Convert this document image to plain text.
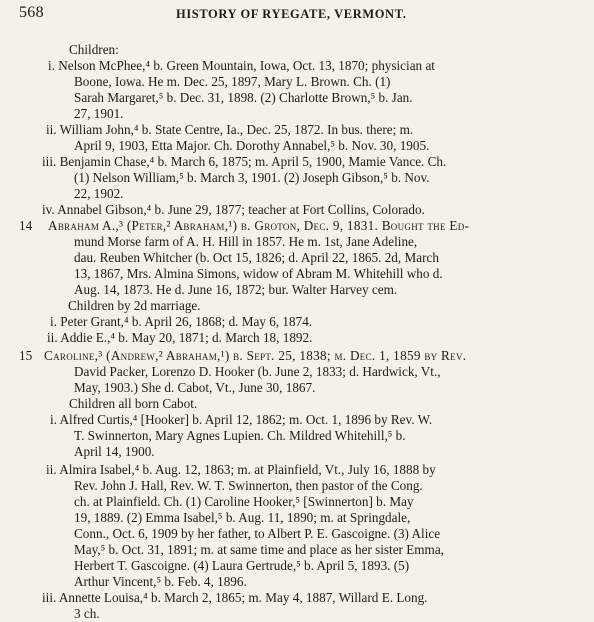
568	HISTORY OF RYEGATE, VERMONT.
Children:
i. Nelson McPhee,⁴ b. Green Mountain, Iowa, Oct. 13, 1870; physician at
Boone, Iowa. He m. Dec. 25, 1897, Mary L. Brown. Ch. (1)
Sarah Margaret,⁵ b. Dec. 31, 1898. (2) Charlotte Brown,⁵ b. Jan.
27, 1901.
ii. William John,⁴ b. State Centre, Ia., Dec. 25, 1872. In bus. there; m.
April 9, 1903, Etta Major. Ch. Dorothy Annabel,⁵ b. Nov. 30, 1905.
iii. Benjamin Chase,⁴ b. March 6, 1875; m. April 5, 1900, Mamie Vance. Ch.
(1) Nelson William,⁵ b. March 3, 1901. (2) Joseph Gibson,⁵ b. Nov.
22, 1902.
iv. Annabel Gibson,⁴ b. June 29, 1877; teacher at Fort Collins, Colorado.
14 Abraham A.,³ (Peter,² Abraham,¹) b. Groton, Dec. 9, 1831. Bought the Ed-
mund Morse farm of A. H. Hill in 1857. He m. 1st, Jane Adeline,
dau. Reuben Whitcher (b. Oct 15, 1826; d. April 22, 1865. 2d, March
13, 1867, Mrs. Almina Simons, widow of Abram M. Whitehill who d.
Aug. 14, 1873. He d. June 16, 1872; bur. Walter Harvey cem.
Children by 2d marriage.
i. Peter Grant,⁴ b. April 26, 1868; d. May 6, 1874.
ii. Addie E.,⁴ b. May 20, 1871; d. March 18, 1892.
15 Caroline,³ (Andrew,² Abraham,¹) b. Sept. 25, 1838; m. Dec. 1, 1859 by Rev.
David Packer, Lorenzo D. Hooker (b. June 2, 1833; d. Hardwick, Vt.,
May, 1903.) She d. Cabot, Vt., June 30, 1867.
Children all born Cabot.
i. Alfred Curtis,⁴ [Hooker] b. April 12, 1862; m. Oct. 1, 1896 by Rev. W.
T. Swinnerton, Mary Agnes Lupien. Ch. Mildred Whitehill,⁵ b.
April 14, 1900.
ii. Almira Isabel,⁴ b. Aug. 12, 1863; m. at Plainfield, Vt., July 16, 1888 by
Rev. John J. Hall, Rev. W. T. Swinnerton, then pastor of the Cong.
ch. at Plainfield. Ch. (1) Caroline Hooker,⁵ [Swinnerton] b. May
19, 1889. (2) Emma Isabel,⁵ b. Aug. 11, 1890; m. at Springdale,
Conn., Oct. 6, 1909 by her father, to Albert P. E. Gascoigne. (3) Alice
May,⁵ b. Oct. 31, 1891; m. at same time and place as her sister Emma,
Herbert T. Gascoigne. (4) Laura Gertrude,⁵ b. April 5, 1893. (5)
Arthur Vincent,⁵ b. Feb. 4, 1896.
iii. Annette Louisa,⁴ b. March 2, 1865; m. May 4, 1887, Willard E. Long.
3 ch.
